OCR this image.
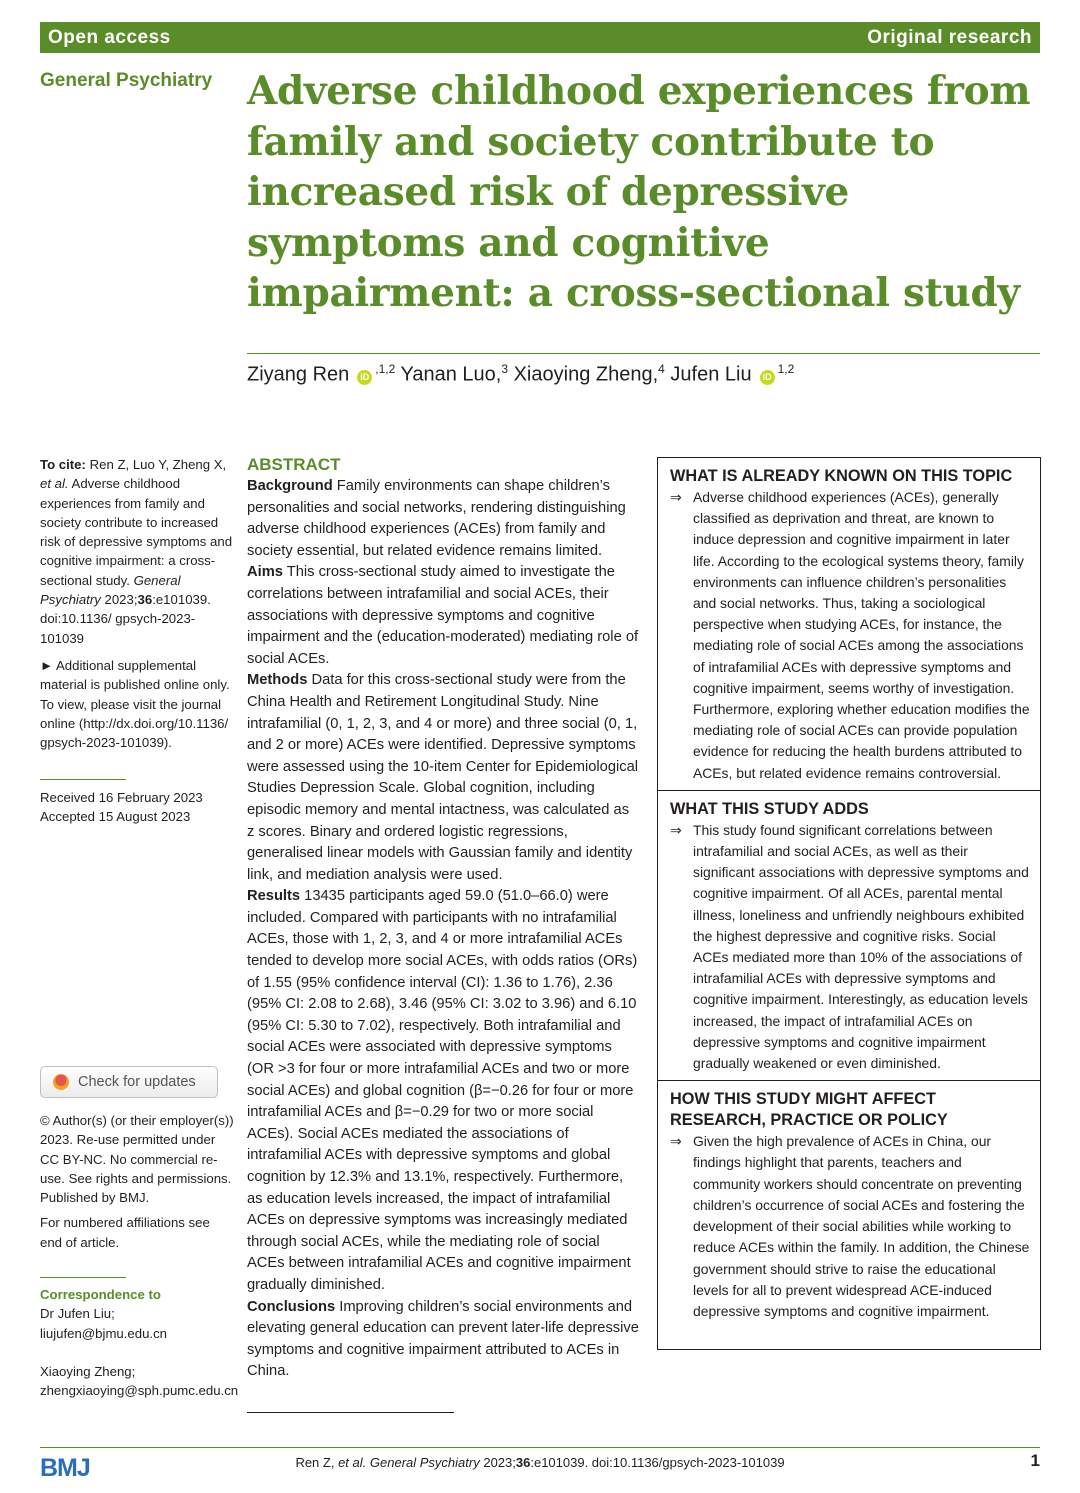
Open access	Original research
General Psychiatry Adverse childhood experiences from family and society contribute to increased risk of depressive symptoms and cognitive impairment: a cross-sectional study
Ziyang Ren $iD^{,1,2}$ Yanan Luo,$^3$ Xiaoying Zheng,$^4$ Jufen Liu iD$^{1,2}$

To cite: Ren Z, Luo Y, Zheng X, et al. Adverse childhood experiences from family and society contribute to increased risk of depressive symptoms and cognitive impairment: a cross-sectional study. General Psychiatry 2023;36:e101039. doi:10.1136/ gpsych-2023-101039

► Additional supplemental material is published online only. To view, please visit the journal online (http://dx.doi.org/10.1136/ gpsych-2023-101039).

Received 16 February 2023

Accepted 15 August 2023

Check for updates

© Author(s) (or their employer(s)) 2023. Re-use permitted under CC BY-NC. No commercial re-use. See rights and permissions. Published by BMJ.

For numbered affiliations see end of article.

Correspondence to

Dr Jufen Liu;

liujufen@bjmu.edu.cn

Xiaoying Zheng;

zhengxiaoying@sph.pumc.edu.cn

ABSTRACT

Background Family environments can shape children’s personalities and social networks, rendering distinguishing adverse childhood experiences (ACEs) from family and society essential, but related evidence remains limited.

Aims This cross-sectional study aimed to investigate the correlations between intrafamilial and social ACEs, their associations with depressive symptoms and cognitive impairment and the (education-moderated) mediating role of social ACEs.

Methods Data for this cross-sectional study were from the China Health and Retirement Longitudinal Study. Nine intrafamilial (0, 1, 2, 3, and 4 or more) and three social (0, 1, and 2 or more) ACEs were identified. Depressive symptoms were assessed using the 10-item Center for Epidemiological Studies Depression Scale. Global cognition, including episodic memory and mental intactness, was calculated as z scores. Binary and ordered logistic regressions, generalised linear models with Gaussian family and identity link, and mediation analysis were used.

Results 13435 participants aged 59.0 (51.0–66.0) were included. Compared with participants with no intrafamilial ACEs, those with 1, 2, 3, and 4 or more intrafamilial ACEs tended to develop more social ACEs, with odds ratios (ORs) of 1.55 (95% confidence interval (CI): 1.36 to 1.76), 2.36 (95% CI: 2.08 to 2.68), 3.46 (95% CI: 3.02 to 3.96) and 6.10 (95% CI: 5.30 to 7.02), respectively. Both intrafamilial and social ACEs were associated with depressive symptoms (OR >3 for four or more intrafamilial ACEs and two or more social ACEs) and global cognition (β=−0.26 for four or more intrafamilial ACEs and β=−0.29 for two or more social ACEs). Social ACEs mediated the associations of intrafamilial ACEs with depressive symptoms and global cognition by 12.3% and 13.1%, respectively. Furthermore, as education levels increased, the impact of intrafamilial ACEs on depressive symptoms was increasingly mediated through social ACEs, while the mediating role of social ACEs between intrafamilial ACEs and cognitive impairment gradually diminished.

Conclusions Improving children’s social environments and elevating general education can prevent later-life depressive symptoms and cognitive impairment attributed to ACEs in China.

WHAT IS ALREADY KNOWN ON THIS TOPIC

⇒ Adverse childhood experiences (ACEs), generally classified as deprivation and threat, are known to induce depression and cognitive impairment in later life. According to the ecological systems theory, family environments can influence children’s personalities and social networks. Thus, taking a sociological perspective when studying ACEs, for instance, the mediating role of social ACEs among the associations of intrafamilial ACEs with depressive symptoms and cognitive impairment, seems worthy of investigation. Furthermore, exploring whether education modifies the mediating role of social ACEs can provide population evidence for reducing the health burdens attributed to ACEs, but related evidence remains controversial.

WHAT THIS STUDY ADDS

⇒ This study found significant correlations between intrafamilial and social ACEs, as well as their significant associations with depressive symptoms and cognitive impairment. Of all ACEs, parental mental illness, loneliness and unfriendly neighbours exhibited the highest depressive and cognitive risks. Social ACEs mediated more than 10% of the associations of intrafamilial ACEs with depressive symptoms and cognitive impairment. Interestingly, as education levels increased, the impact of intrafamilial ACEs on depressive symptoms and cognitive impairment gradually weakened or even diminished.

HOW THIS STUDY MIGHT AFFECT RESEARCH, PRACTICE OR POLICY

⇒ Given the high prevalence of ACEs in China, our findings highlight that parents, teachers and community workers should concentrate on preventing children’s occurrence of social ACEs and fostering the development of their social abilities while working to reduce ACEs within the family. In addition, the Chinese government should strive to raise the educational levels for all to prevent widespread ACE-induced depressive symptoms and cognitive impairment.

BMJ	Ren Z, et al. General Psychiatry 2023;36:e101039. doi:10.1136/gpsych-2023-101039	1
